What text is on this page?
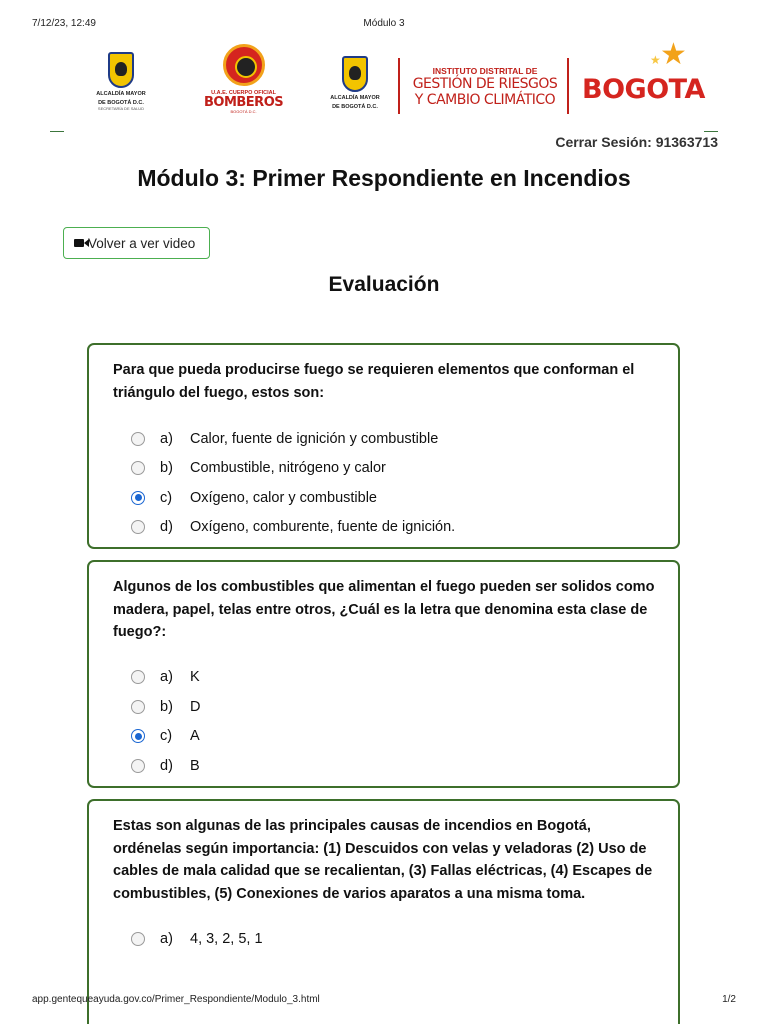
7/12/23, 12:49	Módulo 3
ALCALDÍA MAYOR
DE BOGOTÁ D.C.
SECRETARÍA DE SALUD
U.A.E. CUERPO OFICIAL
BOMBEROS
BOGOTÁ D.C.
ALCALDÍA MAYOR
DE BOGOTÁ D.C.
INSTITUTO DISTRITAL DE
GESTIÓN DE RIESGOS
Y CAMBIO CLIMÁTICO BOGOTA
★
★
Cerrar Sesión: 91363713
Módulo 3: Primer Respondiente en Incendios
Volver a ver video
Evaluación

Para que pueda producirse fuego se requieren elementos que conforman el triángulo del fuego, estos son:

a)	Calor, fuente de ignición y combustible
b)	Combustible, nitrógeno y calor
c)	Oxígeno, calor y combustible
d)	Oxígeno, comburente, fuente de ignición.

Algunos de los combustibles que alimentan el fuego pueden ser solidos como madera, papel, telas entre otros, ¿Cuál es la letra que denomina esta clase de fuego?:

a)	K
b)	D
c)	A
d)	B

Estas son algunas de las principales causas de incendios en Bogotá, ordénelas según importancia: (1) Descuidos con velas y veladoras (2) Uso de cables de mala calidad que se recalientan, (3) Fallas eléctricas, (4) Escapes de combustibles, (5) Conexiones de varios aparatos a una misma toma.

a)	4, 3, 2, 5, 1
app.gentequeayuda.gov.co/Primer_Respondiente/Modulo_3.html	1/2
